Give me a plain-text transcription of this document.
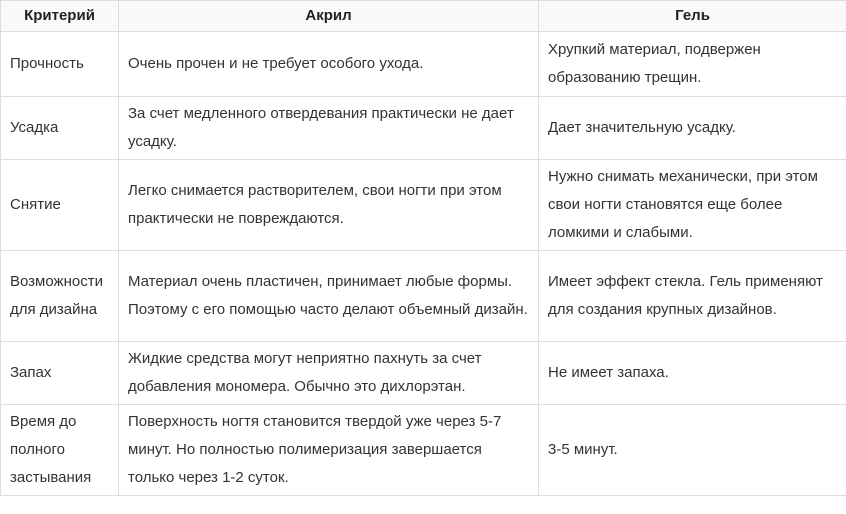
Критерий	Акрил	Гель
Прочность	Очень прочен и не требует особого ухода.	Хрупкий материал, подвержен образованию трещин.
Усадка	За счет медленного отвердевания практически не дает усадку.	Дает значительную усадку.
Снятие	Легко снимается растворителем, свои ногти при этом практически не повреждаются.	Нужно снимать механически, при этом свои ногти становятся еще более ломкими и слабыми.
Возможности для дизайна	Материал очень пластичен, принимает любые формы. Поэтому с его помощью часто делают объемный дизайн.	Имеет эффект стекла. Гель применяют для создания крупных дизайнов.
Запах	Жидкие средства могут неприятно пахнуть за счет добавления мономера. Обычно это дихлорэтан.	Не имеет запаха.
Время до полного застывания	Поверхность ногтя становится твердой уже через 5-7 минут. Но полностью полимеризация завершается только через 1-2 суток.	3-5 минут.
